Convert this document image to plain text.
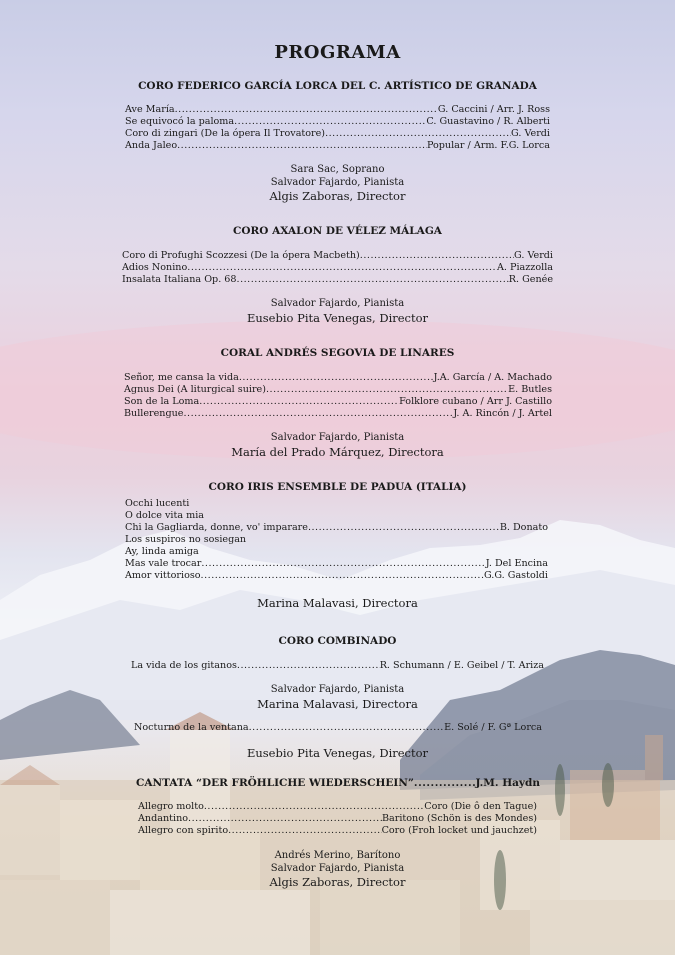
PROGRAMA
CORO FEDERICO GARCÍA LORCA DEL C. ARTÍSTICO DE GRANADA
Ave María .....	G. Caccini / Arr. J. Ross
Se equivocó la paloma .....	C. Guastavino / R. Alberti
Coro di zingari (De la ópera Il Trovatore) .....	G. Verdi
Anda Jaleo .....	Popular / Arm. F.G. Lorca
Sara Sac, Soprano
Salvador Fajardo, Pianista
Algis Zaboras, Director
CORO AXALON DE VÉLEZ MÁLAGA
Coro di Profughi Scozzesi (De la ópera Macbeth) .....	G. Verdi
Adios Nonino .....	A. Piazzolla
Insalata Italiana Op. 68 .....	R. Genée
Salvador Fajardo, Pianista
Eusebio Pita Venegas, Director
CORAL ANDRÉS SEGOVIA DE LINARES
Señor, me cansa la vida .....	J.A. García / A. Machado
Agnus Dei (A liturgical suire) .....	E. Butles
Son de la Loma .....	Folklore cubano / Arr J. Castillo
Bullerengue .....	J. A. Rincón / J. Artel
Salvador Fajardo, Pianista
María del Prado Márquez, Directora
CORO IRIS ENSEMBLE DE PADUA (ITALIA)
Occhi lucenti
O dolce vita mia
Chi la Gagliarda, donne, vo' imparare .....	B. Donato
Los suspiros no sosiegan
Ay, linda amiga
Mas vale trocar .....	J. Del Encina
Amor vittorioso .....	G.G. Gastoldi
Marina Malavasi, Directora
CORO COMBINADO
La vida de los gitanos .....	R. Schumann / E. Geibel / T. Ariza
Salvador Fajardo, Pianista
Marina Malavasi, Directora
Nocturno de la ventana .....	E. Solé / F. Gª Lorca
Eusebio Pita Venegas, Director
CANTATA “DER FRÖHLICHE WIEDERSCHEIN” .....	J.M. Haydn
Allegro molto .....	Coro (Die ô den Tague)
Andantino .....	Baritono (Schön is des Mondes)
Allegro con spirito .....	Coro (Froh locket und jauchzet)
Andrés Merino, Barítono
Salvador Fajardo, Pianista
Algis Zaboras, Director
